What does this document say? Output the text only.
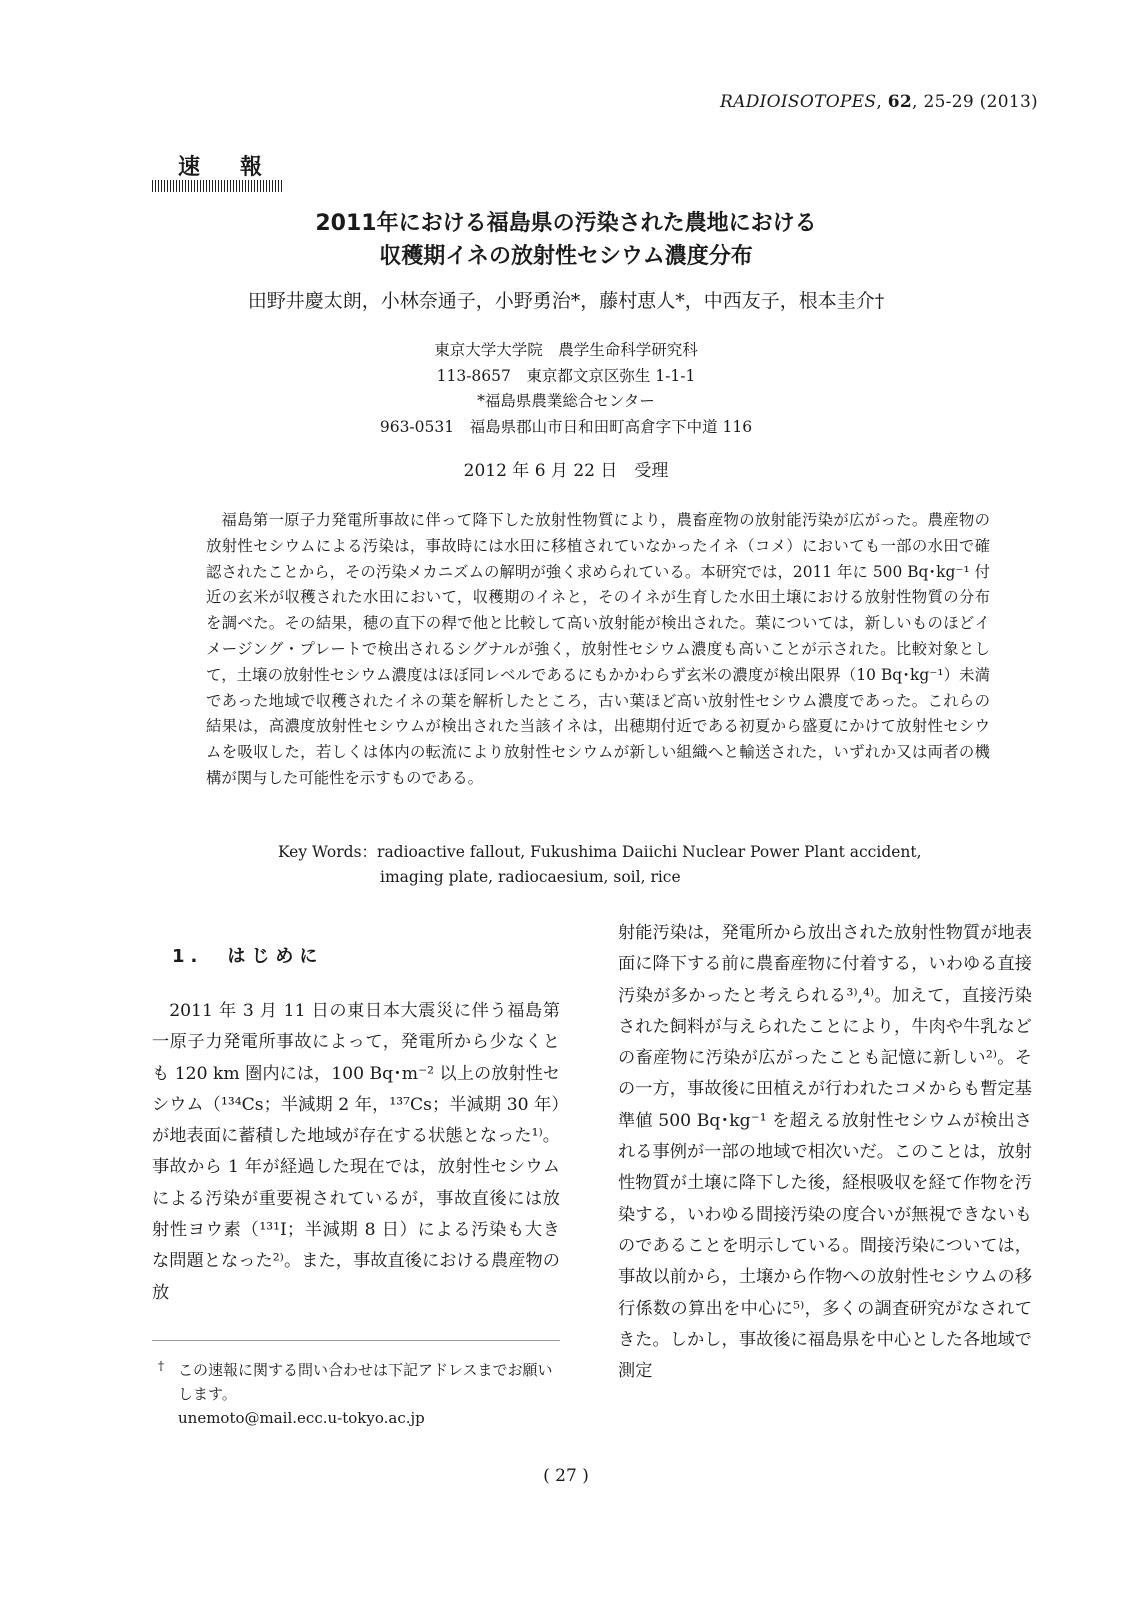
RADIOISOTOPES, 62, 25-29 (2013)
速報
2011年における福島県の汚染された農地における
収穫期イネの放射性セシウム濃度分布
田野井慶太朗，小林奈通子，小野勇治*，藤村恵人*，中西友子，根本圭介†
東京大学大学院　農学生命科学研究科
113-8657　東京都文京区弥生 1-1-1
*福島県農業総合センター
963-0531　福島県郡山市日和田町高倉字下中道 116
2012 年 6 月 22 日　受理
福島第一原子力発電所事故に伴って降下した放射性物質により，農畜産物の放射能汚染が広がった。農産物の放射性セシウムによる汚染は，事故時には水田に移植されていなかったイネ（コメ）においても一部の水田で確認されたことから，その汚染メカニズムの解明が強く求められている。本研究では，2011 年に 500 Bq･kg⁻¹ 付近の玄米が収穫された水田において，収穫期のイネと，そのイネが生育した水田土壌における放射性物質の分布を調べた。その結果，穂の直下の稈で他と比較して高い放射能が検出された。葉については，新しいものほどイメージング・プレートで検出されるシグナルが強く，放射性セシウム濃度も高いことが示された。比較対象として，土壌の放射性セシウム濃度はほぼ同レベルであるにもかかわらず玄米の濃度が検出限界（10 Bq･kg⁻¹）未満であった地域で収穫されたイネの葉を解析したところ，古い葉ほど高い放射性セシウム濃度であった。これらの結果は，高濃度放射性セシウムが検出された当該イネは，出穂期付近である初夏から盛夏にかけて放射性セシウムを吸収した，若しくは体内の転流により放射性セシウムが新しい組織へと輸送された，いずれか又は両者の機構が関与した可能性を示すものである。
Key Words：radioactive fallout, Fukushima Daiichi Nuclear Power Plant accident,
imaging plate, radiocaesium, soil, rice
1.　はじめに

2011 年 3 月 11 日の東日本大震災に伴う福島第一原子力発電所事故によって，発電所から少なくとも 120 km 圏内には，100 Bq･m⁻² 以上の放射性セシウム（¹³⁴Cs；半減期 2 年，¹³⁷Cs；半減期 30 年）が地表面に蓄積した地域が存在する状態となった¹⁾。事故から 1 年が経過した現在では，放射性セシウムによる汚染が重要視されているが，事故直後には放射性ヨウ素（¹³¹I；半減期 8 日）による汚染も大きな問題となった²⁾。また，事故直後における農産物の放

射能汚染は，発電所から放出された放射性物質が地表面に降下する前に農畜産物に付着する，いわゆる直接汚染が多かったと考えられる³⁾,⁴⁾。加えて，直接汚染された飼料が与えられたことにより，牛肉や牛乳などの畜産物に汚染が広がったことも記憶に新しい²⁾。その一方，事故後に田植えが行われたコメからも暫定基準値 500 Bq･kg⁻¹ を超える放射性セシウムが検出される事例が一部の地域で相次いだ。このことは，放射性物質が土壌に降下した後，経根吸収を経て作物を汚染する，いわゆる間接汚染の度合いが無視できないものであることを明示している。間接汚染については，事故以前から，土壌から作物への放射性セシウムの移行係数の算出を中心に⁵⁾，多くの調査研究がなされてきた。しかし，事故後に福島県を中心とした各地域で測定

† この速報に関する問い合わせは下記アドレスまでお願いします。
unemoto@mail.ecc.u-tokyo.ac.jp
( 27 )
